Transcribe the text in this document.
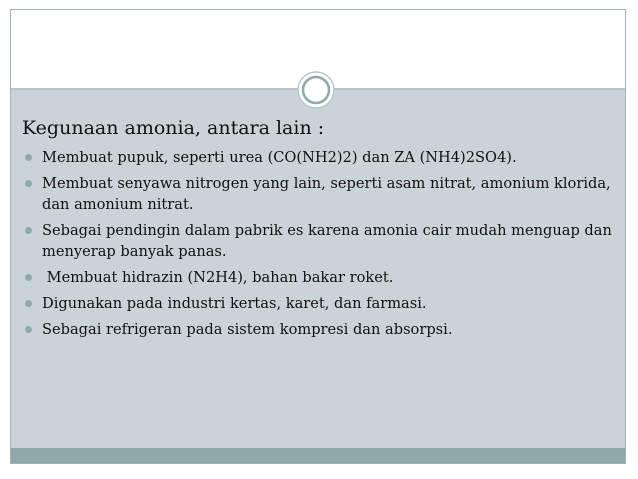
Kegunaan amonia, antara lain :
Membuat pupuk, seperti urea (CO(NH2)2) dan ZA (NH4)2SO4).
Membuat senyawa nitrogen yang lain, seperti asam nitrat, amonium klorida, dan amonium nitrat.
Sebagai pendingin dalam pabrik es karena amonia cair mudah menguap dan menyerap banyak panas.
Membuat hidrazin (N2H4), bahan bakar roket.
Digunakan pada industri kertas, karet, dan farmasi.
Sebagai refrigeran pada sistem kompresi dan absorpsi.
